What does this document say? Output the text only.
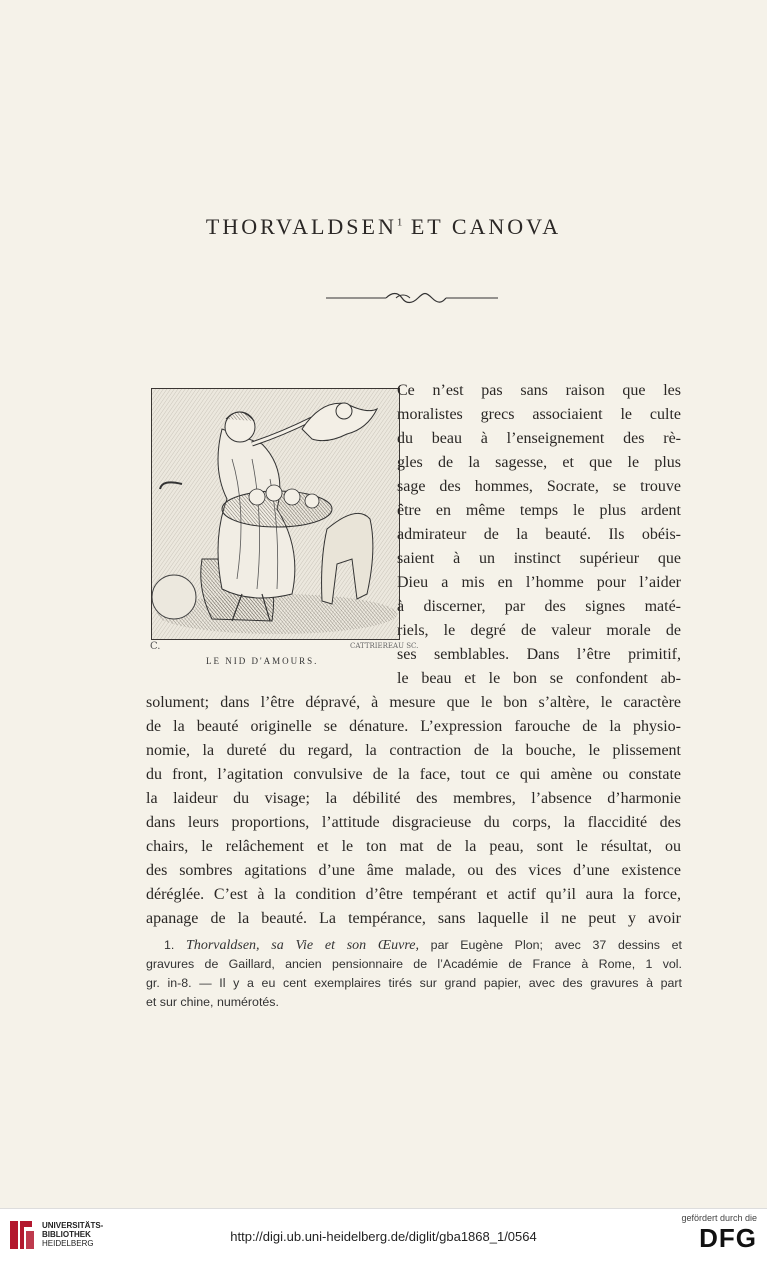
THORVALDSEN$^1$ ET CANOVA
C.	CATTRIEREAU SC.
LE NID D'AMOURS.
Ce n’est pas sans raison que les
moralistes grecs associaient le culte
du beau à l’enseignement des rè-
gles de la sagesse, et que le plus
sage des hommes, Socrate, se trouve
être en même temps le plus ardent
admirateur de la beauté. Ils obéis-
saient à un instinct supérieur que
Dieu a mis en l’homme pour l’aider
à discerner, par des signes maté-
riels, le degré de valeur morale de
ses semblables. Dans l’être primitif,
le beau et le bon se confondent ab-
solument; dans l’être dépravé, à mesure que le bon s’altère, le caractère
de la beauté originelle se dénature. L’expression farouche de la physio-
nomie, la dureté du regard, la contraction de la bouche, le plissement
du front, l’agitation convulsive de la face, tout ce qui amène ou constate
la laideur du visage; la débilité des membres, l’absence d’harmonie
dans leurs proportions, l’attitude disgracieuse du corps, la flaccidité des
chairs, le relâchement et le ton mat de la peau, sont le résultat, ou
des sombres agitations d’une âme malade, ou des vices d’une existence
déréglée. C’est à la condition d’être tempérant et actif qu’il aura la force,
apanage de la beauté. La tempérance, sans laquelle il ne peut y avoir
1. Thorvaldsen, sa Vie et son Œuvre, par Eugène Plon; avec 37 dessins et
gravures de Gaillard, ancien pensionnaire de l’Académie de France à Rome, 1 vol.
gr. in-8. — Il y a eu cent exemplaires tirés sur grand papier, avec des gravures à part
et sur chine, numérotés.
UNIVERSITÄTS-
BIBLIOTHEK
HEIDELBERG	http://digi.ub.uni-heidelberg.de/diglit/gba1868_1/0564
gefördert durch die
DFG
